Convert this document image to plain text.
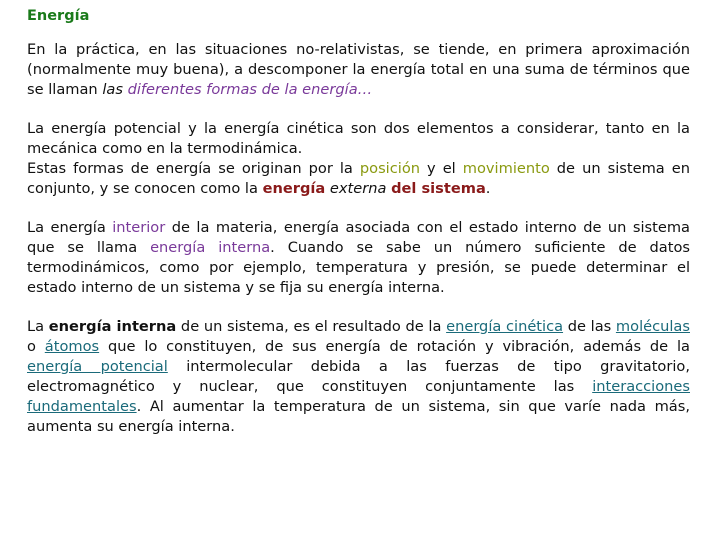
Energía

En la práctica, en las situaciones no-relativistas, se tiende, en primera aproximación (normalmente muy buena), a descomponer la energía total en una suma de términos que se llaman las diferentes formas de la energía…

La energía potencial y la energía cinética son dos elementos a considerar, tanto en la mecánica como en la termodinámica.
Estas formas de energía se originan por la posición y el movimiento de un sistema en conjunto, y se conocen como la energía externa del sistema.

La energía interior de la materia, energía asociada con el estado interno de un sistema que se llama energía interna. Cuando se sabe un número suficiente de datos termodinámicos, como por ejemplo, temperatura y presión, se puede determinar el estado interno de un sistema y se fija su energía interna.

La energía interna de un sistema, es el resultado de la energía cinética de las moléculas o átomos que lo constituyen, de sus energía de rotación y vibración, además de la energía potencial intermolecular debida a las fuerzas de tipo gravitatorio, electromagnético y nuclear, que constituyen conjuntamente las interacciones fundamentales. Al aumentar la temperatura de un sistema, sin que varíe nada más, aumenta su energía interna.
